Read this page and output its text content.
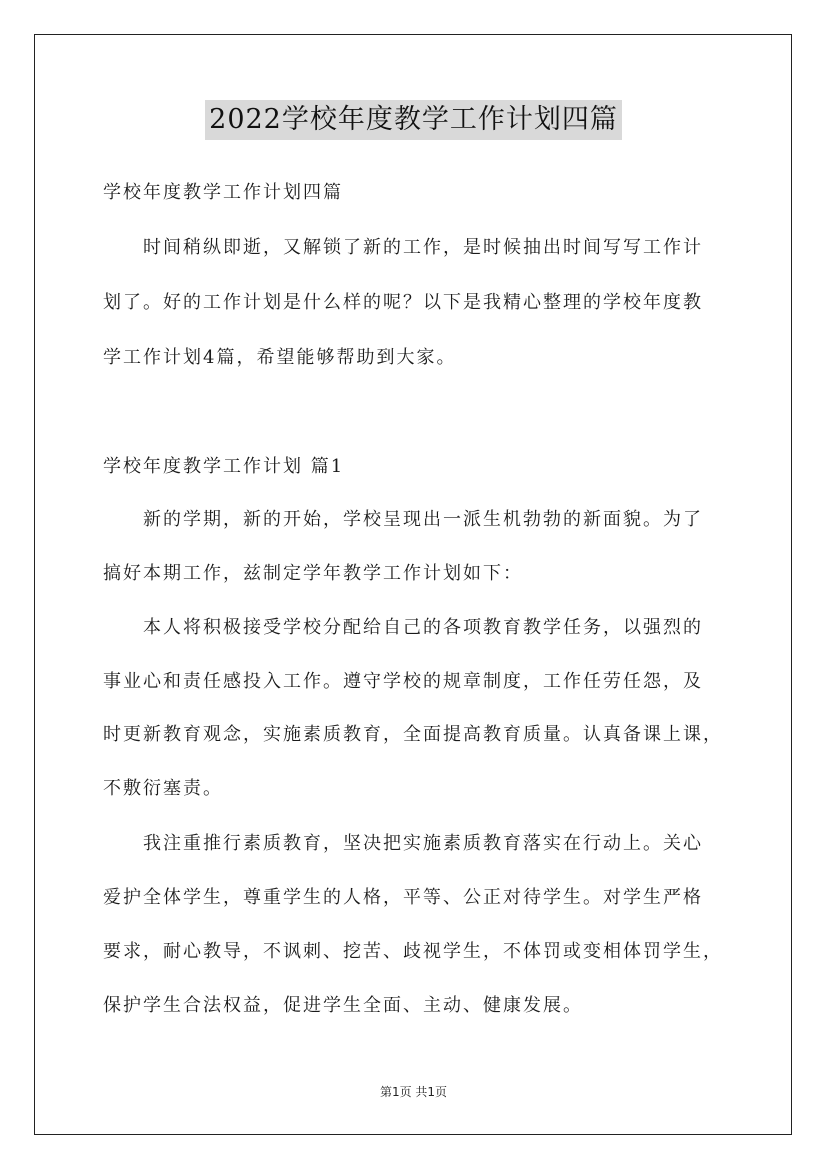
2022学校年度教学工作计划四篇
学校年度教学工作计划四篇
时间稍纵即逝，又解锁了新的工作，是时候抽出时间写写工作计
划了。好的工作计划是什么样的呢？以下是我精心整理的学校年度教
学工作计划4篇，希望能够帮助到大家。
学校年度教学工作计划 篇1
新的学期，新的开始，学校呈现出一派生机勃勃的新面貌。为了
搞好本期工作，兹制定学年教学工作计划如下：
本人将积极接受学校分配给自己的各项教育教学任务，以强烈的
事业心和责任感投入工作。遵守学校的规章制度，工作任劳任怨，及
时更新教育观念，实施素质教育，全面提高教育质量。认真备课上课，
不敷衍塞责。
我注重推行素质教育，坚决把实施素质教育落实在行动上。关心
爱护全体学生，尊重学生的人格，平等、公正对待学生。对学生严格
要求，耐心教导，不讽刺、挖苦、歧视学生，不体罚或变相体罚学生，
保护学生合法权益，促进学生全面、主动、健康发展。
第1页 共1页
